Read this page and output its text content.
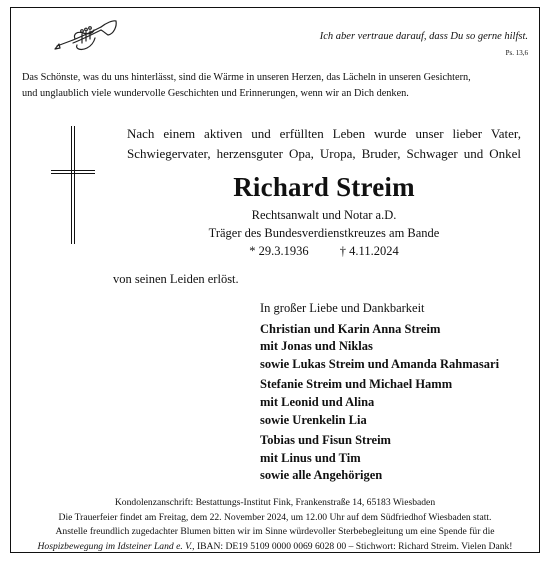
Ich aber vertraue darauf, dass Du so gerne hilfst.
Ps. 13,6

Das Schönste, was du uns hinterlässt, sind die Wärme in unseren Herzen, das Lächeln in unseren Gesichtern,

und unglaublich viele wundervolle Geschichten und Erinnerungen, wenn wir an Dich denken.

Nach einem aktiven und erfüllten Leben wurde unser lieber Vater,

Schwiegervater, herzensguter Opa, Uropa, Bruder, Schwager und Onkel

Richard Streim
Rechtsanwalt und Notar a.D.
Träger des Bundesverdienstkreuzes am Bande
* 29.3.1936 † 4.11.2024
von seinen Leiden erlöst.
In großer Liebe und Dankbarkeit
Christian und Karin Anna Streim
mit Jonas und Niklas
sowie Lukas Streim und Amanda Rahmasari
Stefanie Streim und Michael Hamm
mit Leonid und Alina
sowie Urenkelin Lia
Tobias und Fisun Streim
mit Linus und Tim
sowie alle Angehörigen
Kondolenzanschrift: Bestattungs-Institut Fink, Frankenstraße 14, 65183 Wiesbaden
Die Trauerfeier findet am Freitag, dem 22. November 2024, um 12.00 Uhr auf dem Südfriedhof Wiesbaden statt.
Anstelle freundlich zugedachter Blumen bitten wir im Sinne würdevoller Sterbebegleitung um eine Spende für die
Hospizbewegung im Idsteiner Land e. V., IBAN: DE19 5109 0000 0069 6028 00 – Stichwort: Richard Streim. Vielen Dank!
